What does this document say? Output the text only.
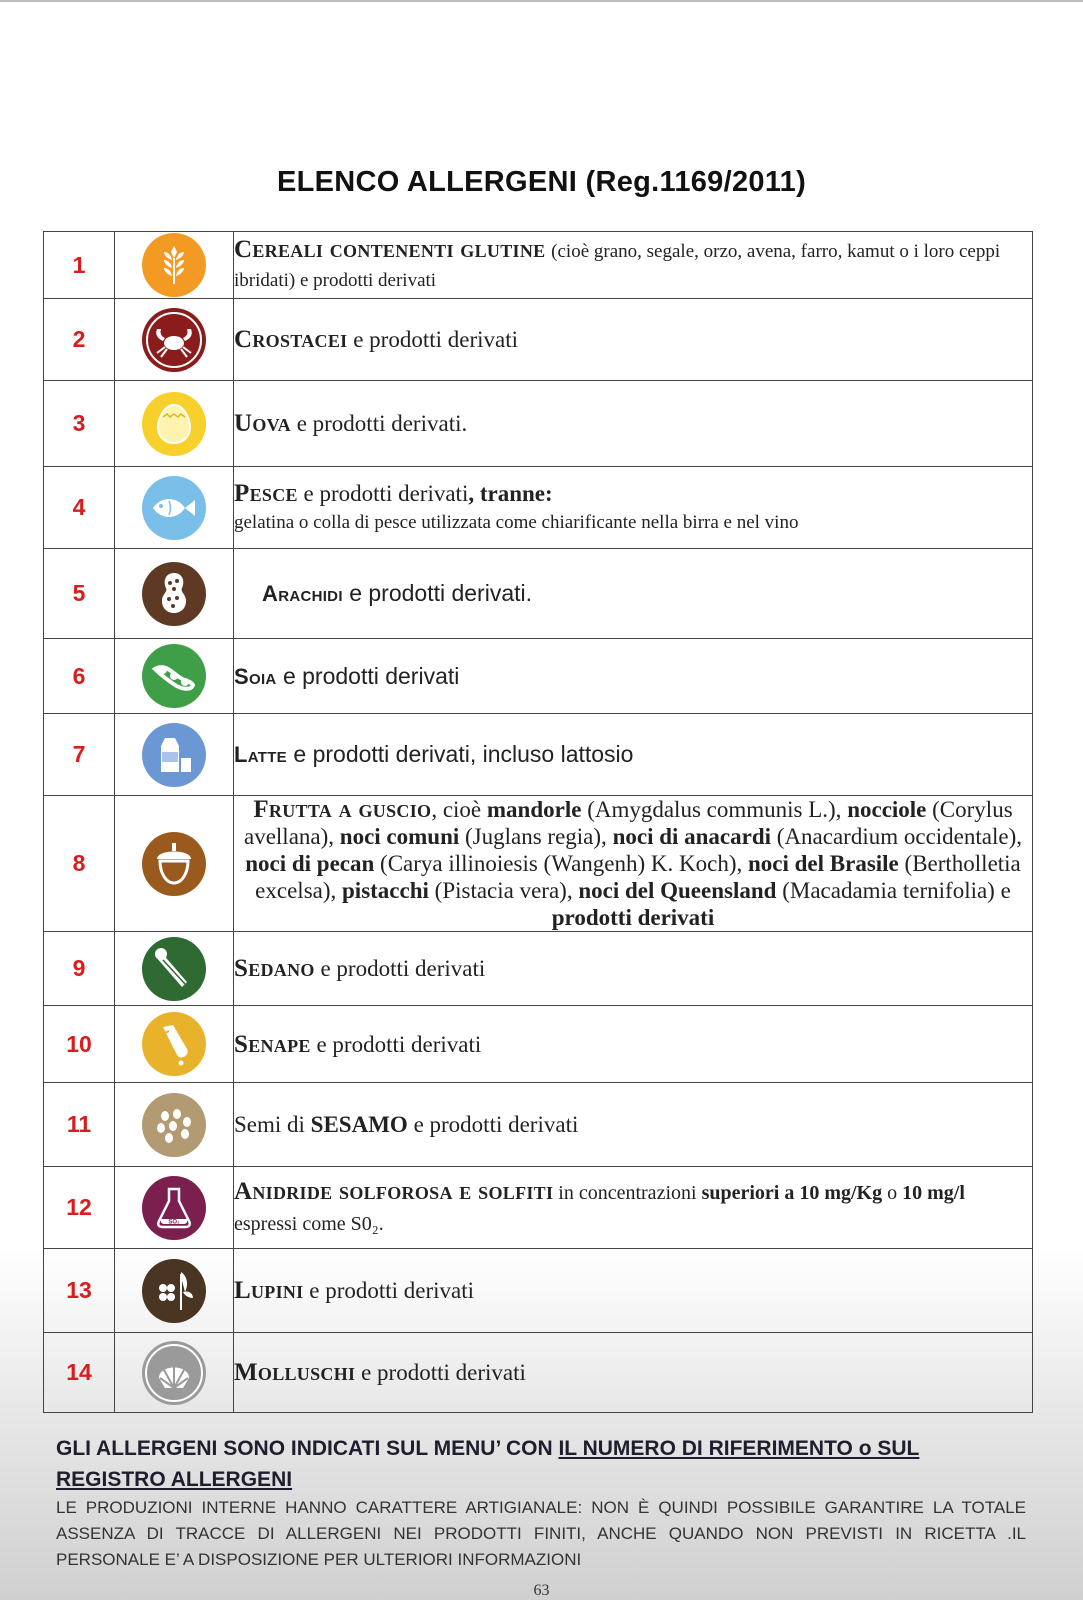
ELENCO ALLERGENI (Reg.1169/2011)
1		Cereali contenenti glutine (cioè grano, segale, orzo, avena, farro, kamut o i loro ceppi ibridati) e prodotti derivati
2		Crostacei e prodotti derivati
3		Uova e prodotti derivati.
4		Pesce e prodotti derivati, tranne:
gelatina o colla di pesce utilizzata come chiarificante nella birra e nel vino
5		Arachidi e prodotti derivati.
6		Soia e prodotti derivati
7		Latte e prodotti derivati, incluso lattosio
8		Frutta a guscio, cioè mandorle (Amygdalus communis L.), nocciole (Corylus avellana), noci comuni (Juglans regia), noci di anacardi (Anacardium occidentale), noci di pecan (Carya illinoiesis (Wangenh) K. Koch), noci del Brasile (Bertholletia excelsa), pistacchi (Pistacia vera), noci del Queensland (Macadamia ternifolia) e prodotti derivati
9		Sedano e prodotti derivati
10		Senape e prodotti derivati
11		Semi di SESAMO e prodotti derivati
12	SO₂	Anidride solforosa e solfiti in concentrazioni superiori a 10 mg/Kg o 10 mg/l espressi come S0₂.
13		Lupini e prodotti derivati
14		Molluschi e prodotti derivati
GLI ALLERGENI SONO INDICATI SUL MENU’ CON IL NUMERO DI RIFERIMENTO o SUL REGISTRO ALLERGENI
LE PRODUZIONI INTERNE HANNO CARATTERE ARTIGIANALE: NON È QUINDI POSSIBILE GARANTIRE LA TOTALE ASSENZA DI TRACCE DI ALLERGENI NEI PRODOTTI FINITI, ANCHE QUANDO NON PREVISTI IN RICETTA .IL PERSONALE E’ A DISPOSIZIONE PER ULTERIORI INFORMAZIONI
63
